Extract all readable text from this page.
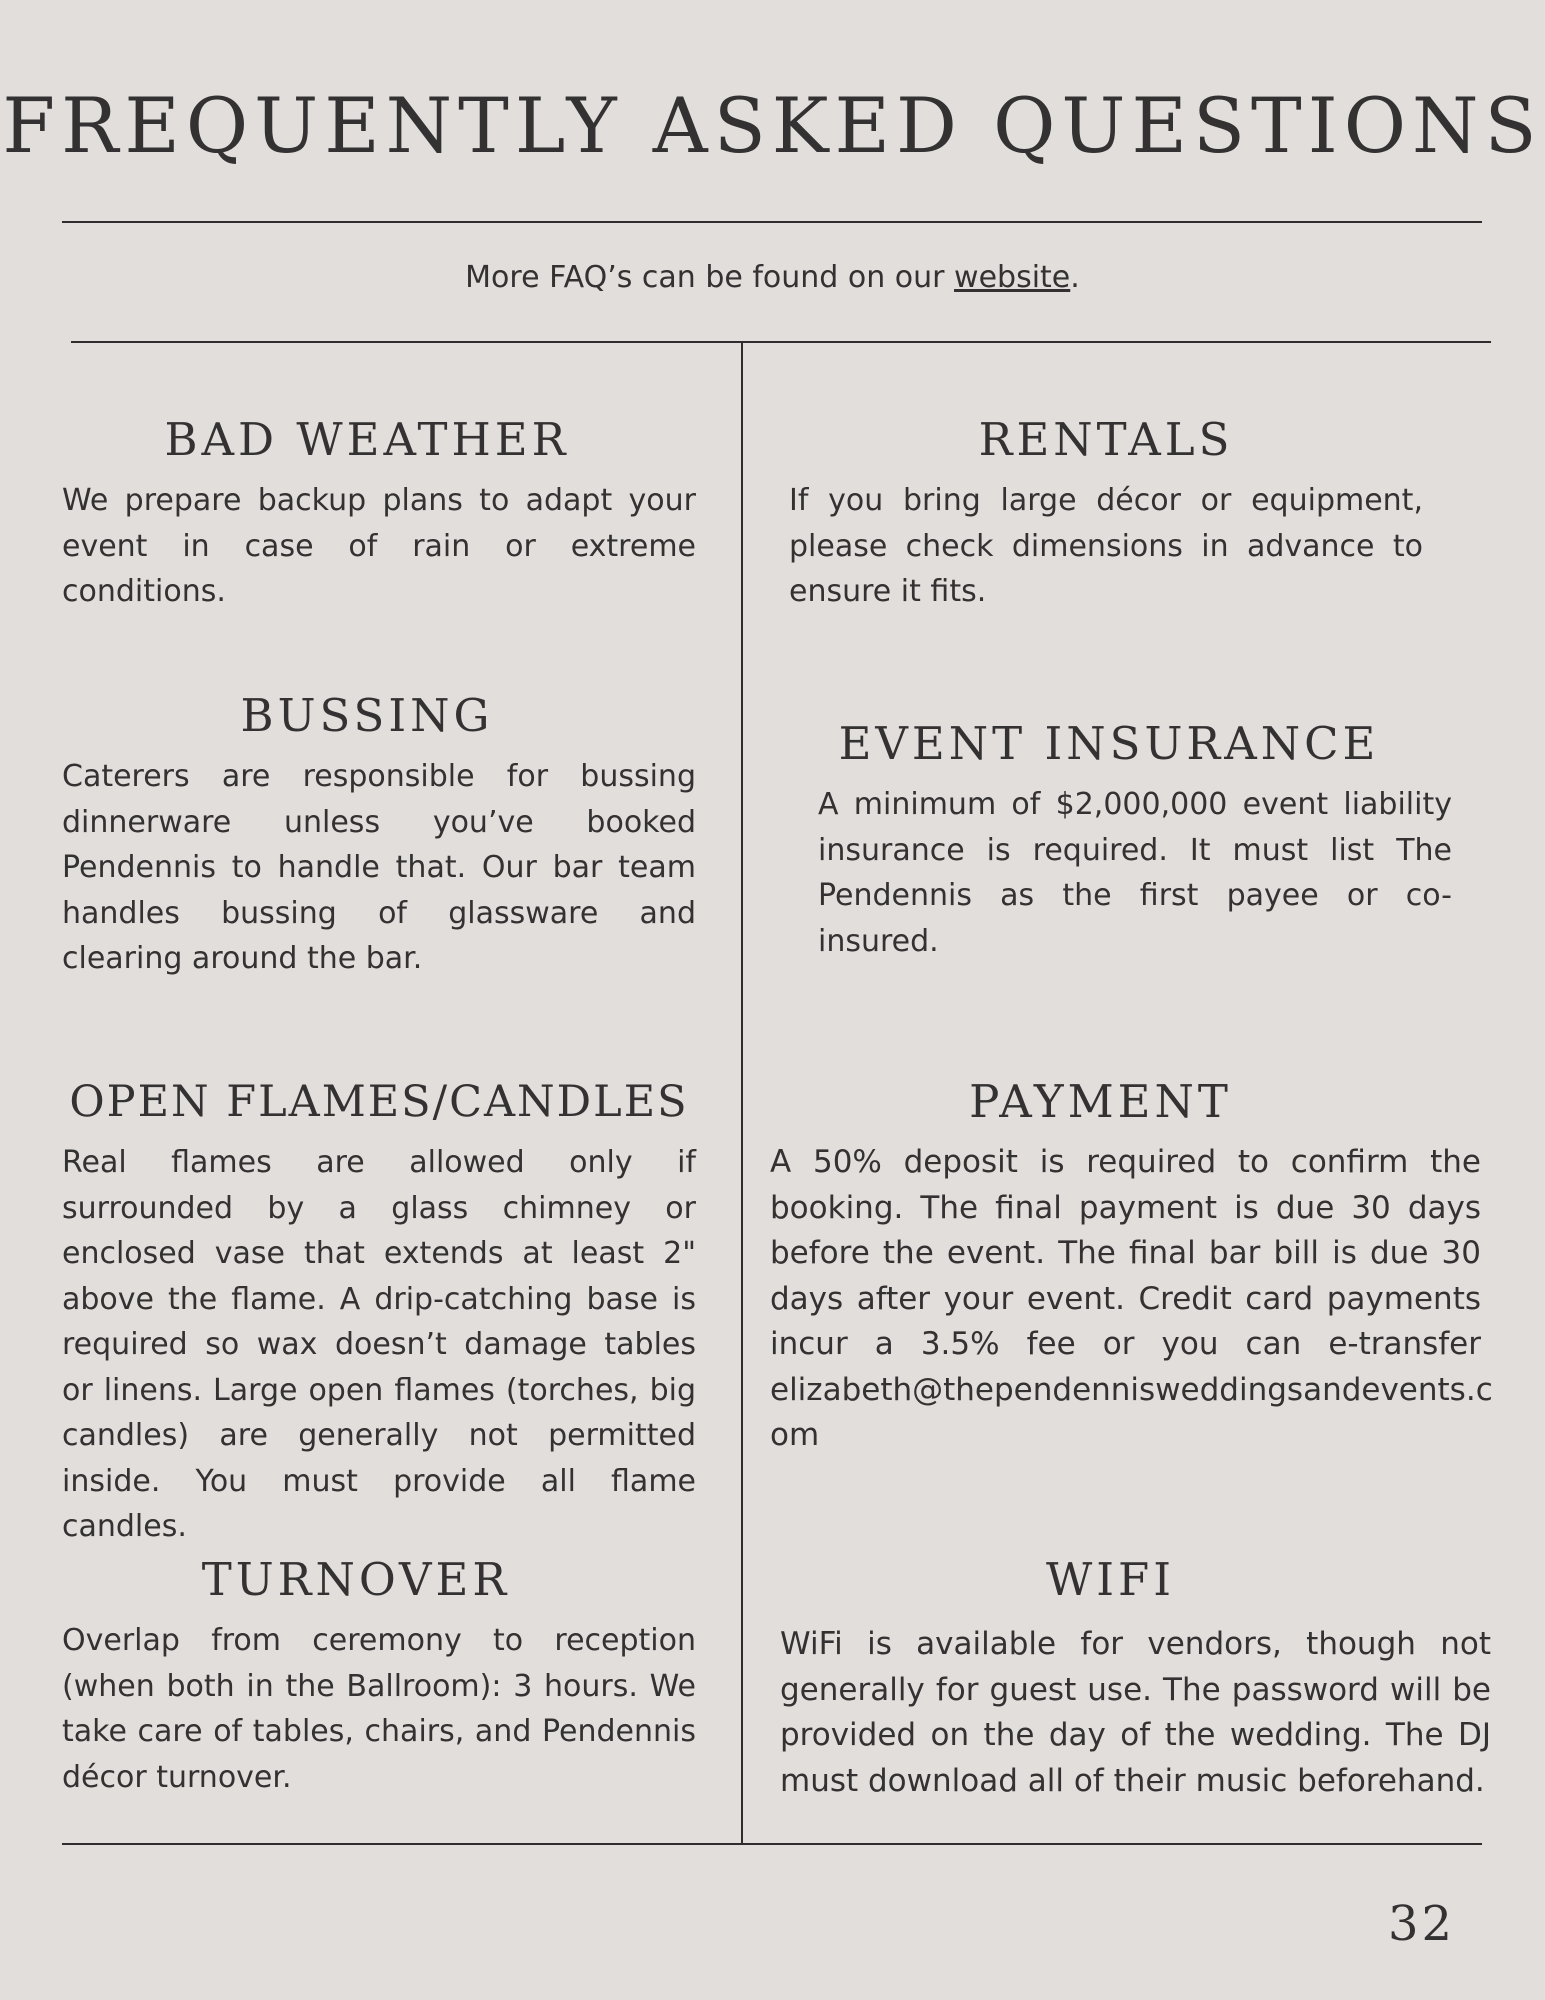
FREQUENTLY ASKED QUESTIONS
More FAQ’s can be found on our website.
BAD WEATHER

We prepare backup plans to adapt your event in case of rain or extreme conditions.

BUSSING

Caterers are responsible for bussing dinnerware unless you’ve booked Pendennis to handle that. Our bar team handles bussing of glassware and clearing around the bar.

OPEN FLAMES/CANDLES

Real flames are allowed only if surrounded by a glass chimney or enclosed vase that extends at least 2" above the flame. A drip-catching base is required so wax doesn’t damage tables or linens. Large open flames (torches, big candles) are generally not permitted inside. You must provide all flame candles.

TURNOVER

Overlap from ceremony to reception (when both in the Ballroom): 3 hours. We take care of tables, chairs, and Pendennis décor turnover.

RENTALS

If you bring large décor or equipment, please check dimensions in advance to ensure it fits.

EVENT INSURANCE

A minimum of $2,000,000 event liability insurance is required. It must list The Pendennis as the first payee or co-insured.

PAYMENT

A 50% deposit is required to confirm the booking. The final payment is due 30 days before the event. The final bar bill is due 30 days after your event. Credit card payments incur a 3.5% fee or you can e-transfer elizabeth@thependennisweddingsandevents.c om

WIFI

WiFi is available for vendors, though not generally for guest use. The password will be provided on the day of the wedding. The DJ must download all of their music beforehand.

32
